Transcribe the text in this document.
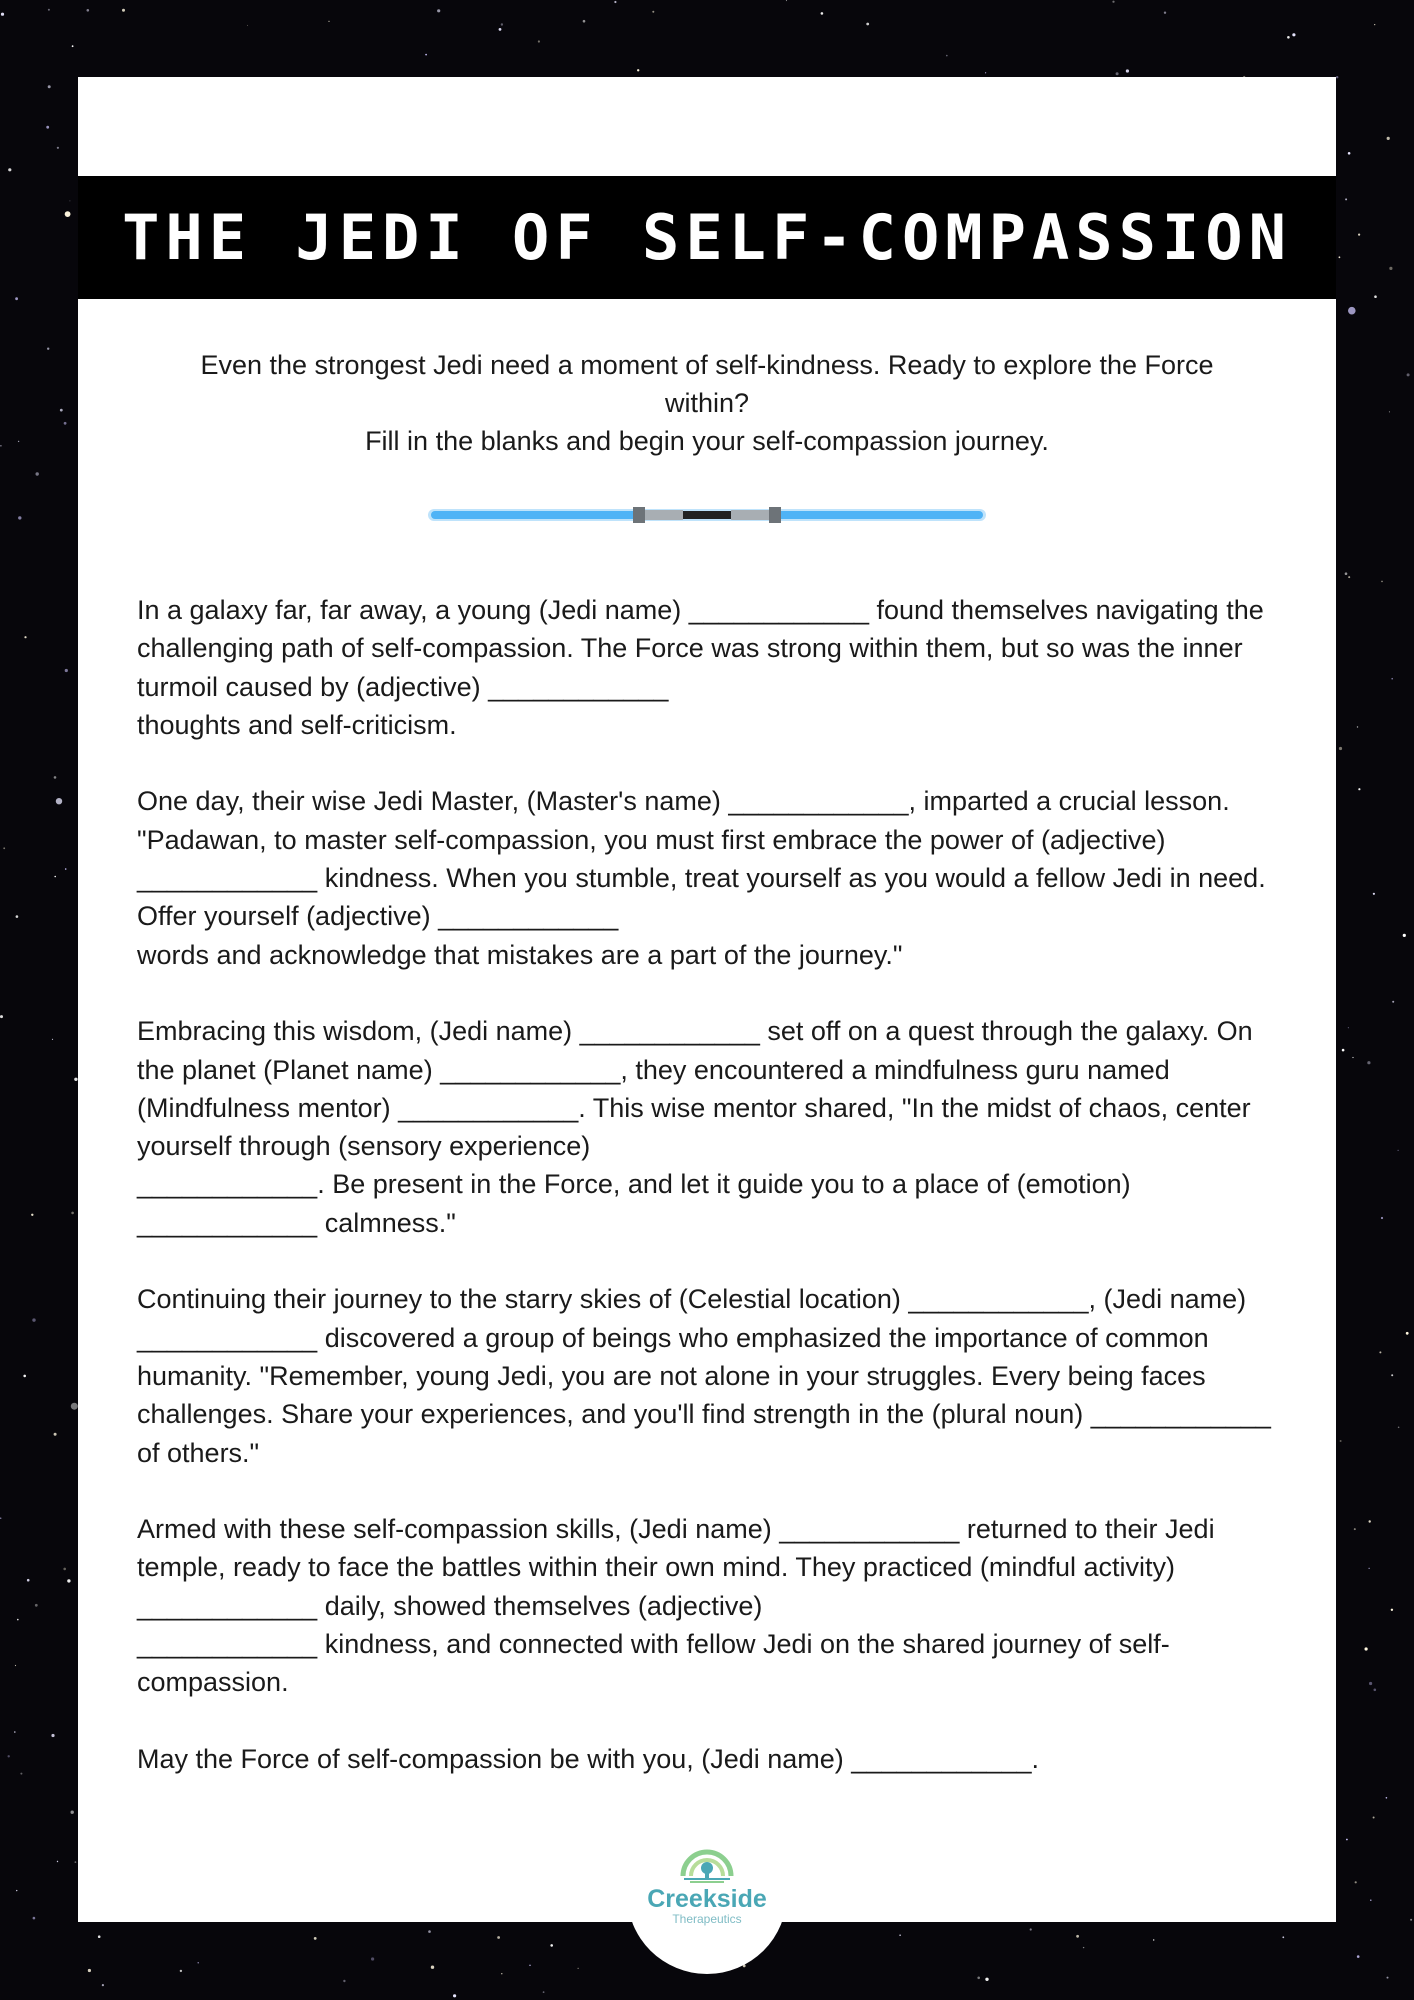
THE JEDI OF SELF-COMPASSION

Even the strongest Jedi need a moment of self-kindness. Ready to explore the Force within?

Fill in the blanks and begin your self-compassion journey.

In a galaxy far, far away, a young (Jedi name) ____________ found themselves navigating the challenging path of self-compassion. The Force was strong within them, but so was the inner turmoil caused by (adjective) ____________
thoughts and self-criticism.

One day, their wise Jedi Master, (Master's name) ____________, imparted a crucial lesson. "Padawan, to master self-compassion, you must first embrace the power of (adjective) ____________ kindness. When you stumble, treat yourself as you would a fellow Jedi in need. Offer yourself (adjective) ____________
words and acknowledge that mistakes are a part of the journey."

Embracing this wisdom, (Jedi name) ____________ set off on a quest through the galaxy. On the planet (Planet name) ____________, they encountered a mindfulness guru named (Mindfulness mentor) ____________. This wise mentor shared, "In the midst of chaos, center yourself through (sensory experience)
____________. Be present in the Force, and let it guide you to a place of (emotion) ____________ calmness."

Continuing their journey to the starry skies of (Celestial location) ____________, (Jedi name) ____________ discovered a group of beings who emphasized the importance of common humanity. "Remember, young Jedi, you are not alone in your struggles. Every being faces challenges. Share your experiences, and you'll find strength in the (plural noun) ____________ of others."

Armed with these self-compassion skills, (Jedi name) ____________ returned to their Jedi temple, ready to face the battles within their own mind. They practiced (mindful activity) ____________ daily, showed themselves (adjective)
____________ kindness, and connected with fellow Jedi on the shared journey of self-compassion.

May the Force of self-compassion be with you, (Jedi name) ____________.

Creekside
Therapeutics
